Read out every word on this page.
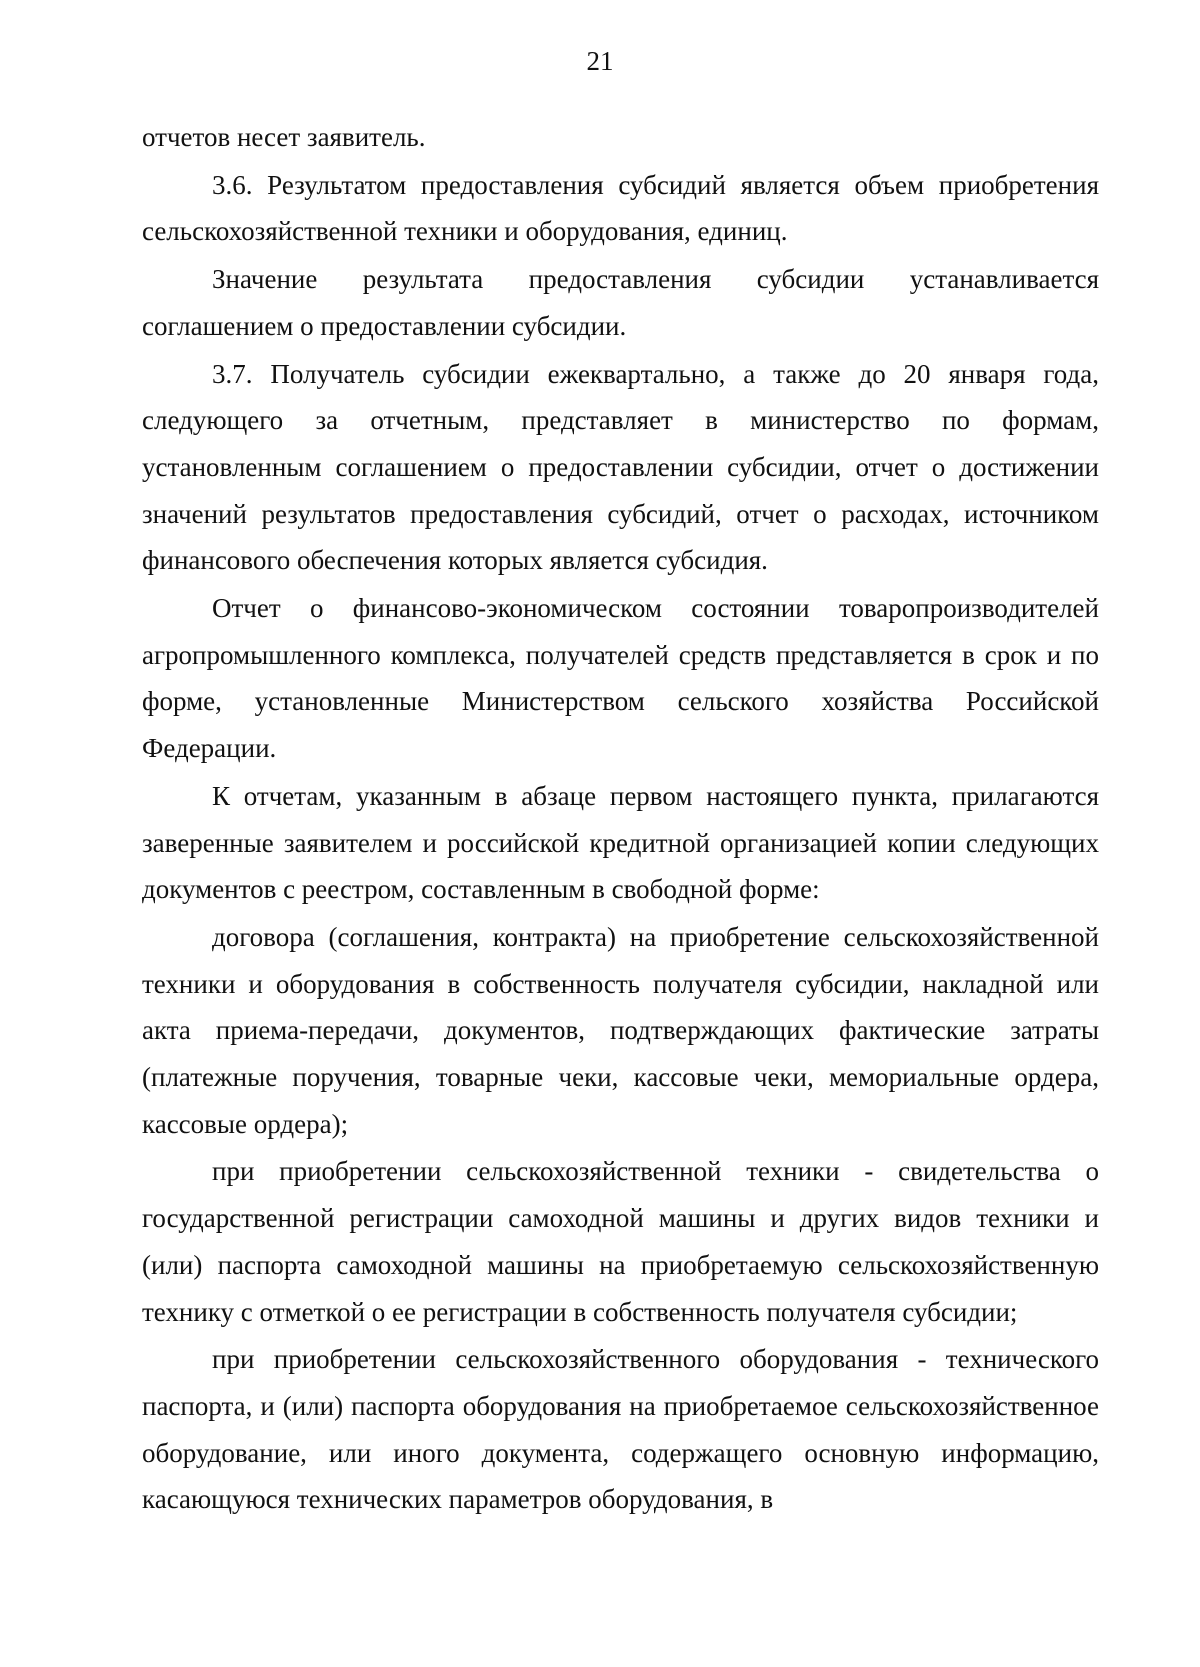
21

отчетов несет заявитель.

3.6. Результатом предоставления субсидий является объем приобретения сельскохозяйственной техники и оборудования, единиц.

Значение результата предоставления субсидии устанавливается соглашением о предоставлении субсидии.

3.7. Получатель субсидии ежеквартально, а также до 20 января года, следующего за отчетным, представляет в министерство по формам, установленным соглашением о предоставлении субсидии, отчет о достижении значений результатов предоставления субсидий, отчет о расходах, источником финансового обеспечения которых является субсидия.

Отчет о финансово-экономическом состоянии товаропроизводителей агропромышленного комплекса, получателей средств представляется в срок и по форме, установленные Министерством сельского хозяйства Российской Федерации.

К отчетам, указанным в абзаце первом настоящего пункта, прилагаются заверенные заявителем и российской кредитной организацией копии следующих документов с реестром, составленным в свободной форме:

договора (соглашения, контракта) на приобретение сельскохозяйственной техники и оборудования в собственность получателя субсидии, накладной или акта приема-передачи, документов, подтверждающих фактические затраты (платежные поручения, товарные чеки, кассовые чеки, мемориальные ордера, кассовые ордера);

при приобретении сельскохозяйственной техники - свидетельства о государственной регистрации самоходной машины и других видов техники и (или) паспорта самоходной машины на приобретаемую сельскохозяйственную технику с отметкой о ее регистрации в собственность получателя субсидии;

при приобретении сельскохозяйственного оборудования - технического паспорта, и (или) паспорта оборудования на приобретаемое сельскохозяйственное оборудование, или иного документа, содержащего основную информацию, касающуюся технических параметров оборудования, в
